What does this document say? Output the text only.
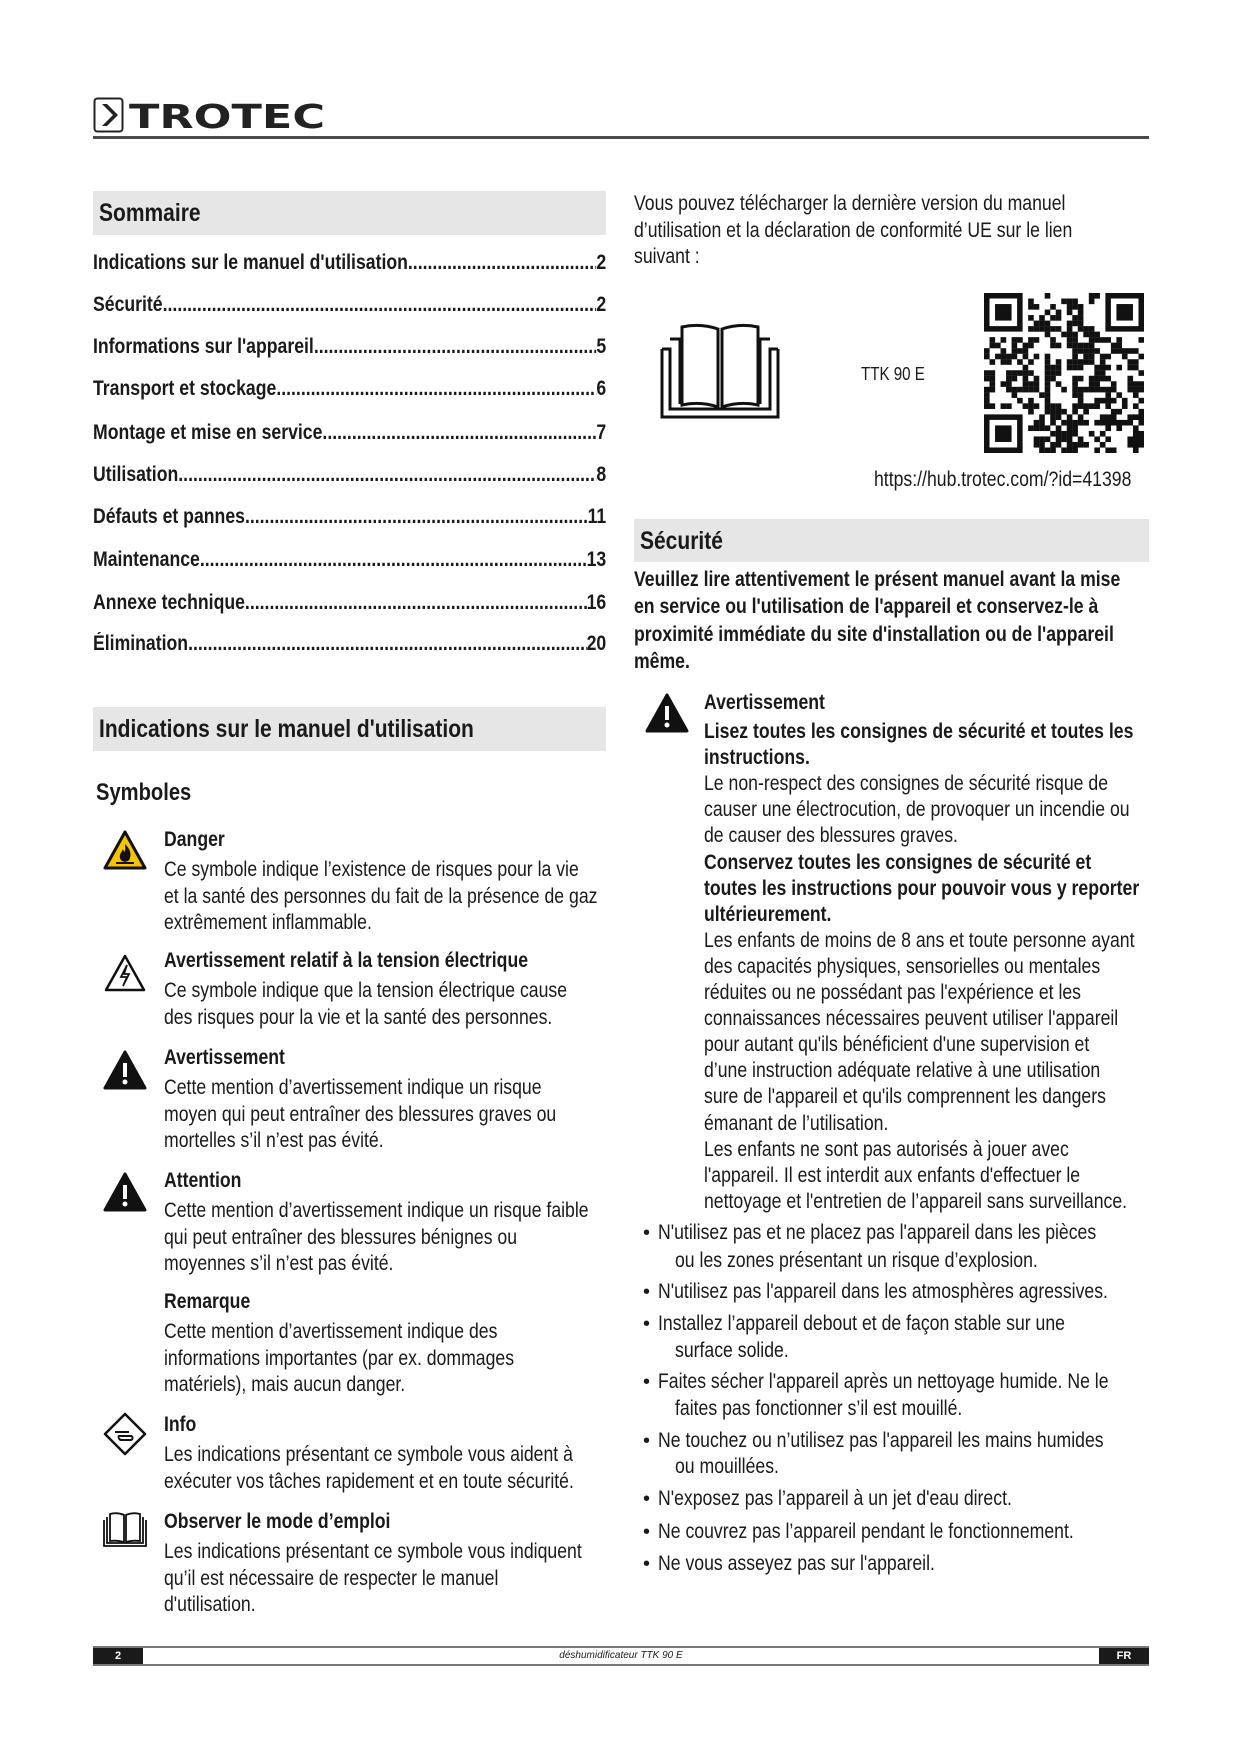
TROTEC
Sommaire
Indications sur le manuel d'utilisation .....	2
Sécurité .....	2
Informations sur l'appareil .....	5
Transport et stockage .....	6
Montage et mise en service .....	7
Utilisation .....	8
Défauts et pannes .....	11
Maintenance .....	13
Annexe technique .....	16
Élimination .....	20
Indications sur le manuel d'utilisation
Symboles
Danger
Ce symbole indique l’existence de risques pour la vie
et la santé des personnes du fait de la présence de gaz
extrêmement inflammable.
Avertissement relatif à la tension électrique
Ce symbole indique que la tension électrique cause
des risques pour la vie et la santé des personnes.
Avertissement
Cette mention d’avertissement indique un risque
moyen qui peut entraîner des blessures graves ou
mortelles s’il n’est pas évité.
Attention
Cette mention d’avertissement indique un risque faible
qui peut entraîner des blessures bénignes ou
moyennes s’il n’est pas évité.
Remarque
Cette mention d’avertissement indique des
informations importantes (par ex. dommages
matériels), mais aucun danger.
Info
Les indications présentant ce symbole vous aident à
exécuter vos tâches rapidement et en toute sécurité.
Observer le mode d’emploi
Les indications présentant ce symbole vous indiquent
qu’il est nécessaire de respecter le manuel
d'utilisation.
Vous pouvez télécharger la dernière version du manuel
d’utilisation et la déclaration de conformité UE sur le lien
suivant :
TTK 90 E
https://hub.trotec.com/?id=41398
Sécurité
Veuillez lire attentivement le présent manuel avant la mise
en service ou l'utilisation de l'appareil et conservez-le à
proximité immédiate du site d'installation ou de l'appareil
même.
Avertissement
Lisez toutes les consignes de sécurité et toutes les
instructions.
Le non-respect des consignes de sécurité risque de
causer une électrocution, de provoquer un incendie ou
de causer des blessures graves.
Conservez toutes les consignes de sécurité et
toutes les instructions pour pouvoir vous y reporter
ultérieurement.
Les enfants de moins de 8 ans et toute personne ayant
des capacités physiques, sensorielles ou mentales
réduites ou ne possédant pas l'expérience et les
connaissances nécessaires peuvent utiliser l'appareil
pour autant qu'ils bénéficient d'une supervision et
d’une instruction adéquate relative à une utilisation
sure de l'appareil et qu'ils comprennent les dangers
émanant de l’utilisation.
Les enfants ne sont pas autorisés à jouer avec
l'appareil. Il est interdit aux enfants d'effectuer le
nettoyage et l'entretien de l’appareil sans surveillance.
• N'utilisez pas et ne placez pas l'appareil dans les pièces
ou les zones présentant un risque d’explosion.
• N'utilisez pas l'appareil dans les atmosphères agressives.
• Installez l’appareil debout et de façon stable sur une
surface solide.
• Faites sécher l'appareil après un nettoyage humide. Ne le
faites pas fonctionner s’il est mouillé.
• Ne touchez ou n’utilisez pas l'appareil les mains humides
ou mouillées.
• N'exposez pas l’appareil à un jet d'eau direct.
• Ne couvrez pas l’appareil pendant le fonctionnement.
• Ne vous asseyez pas sur l'appareil.
2	déshumidificateur TTK 90 E	FR
